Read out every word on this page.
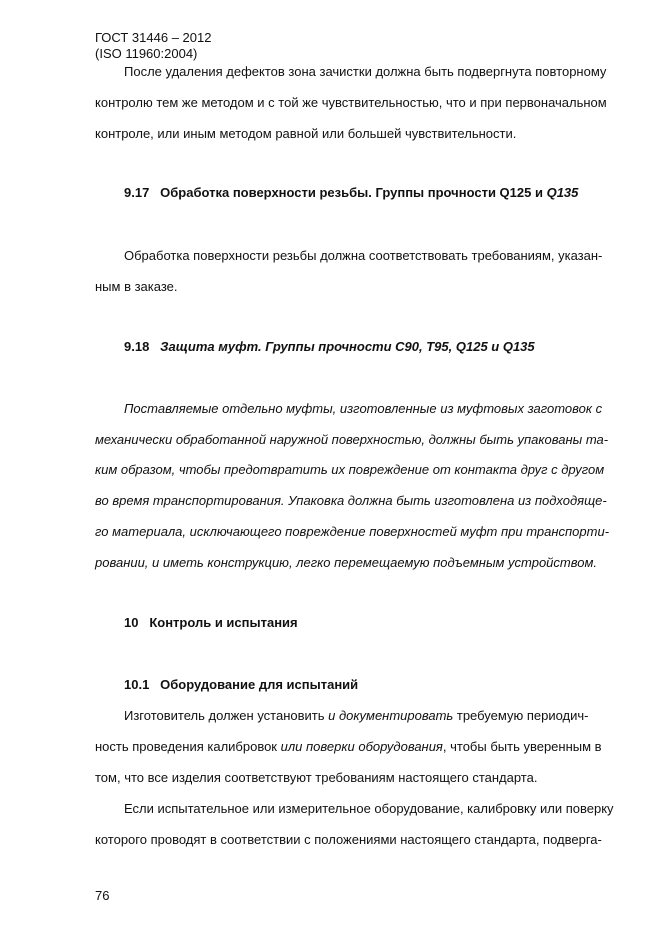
ГОСТ 31446 – 2012
(ISO 11960:2004)
После удаления дефектов зона зачистки должна быть подвергнута повторному
контролю тем же методом и с той же чувствительностью, что и при первоначальном
контроле, или иным методом равной или большей чувствительности.
9.17 Обработка поверхности резьбы. Группы прочности Q125 и Q135
Обработка поверхности резьбы должна соответствовать требованиям, указан-
ным в заказе.
9.18 Защита муфт. Группы прочности С90, Т95, Q125 и Q135
Поставляемые отдельно муфты, изготовленные из муфтовых заготовок с
механически обработанной наружной поверхностью, должны быть упакованы та-
ким образом, чтобы предотвратить их повреждение от контакта друг с другом
во время транспортирования. Упаковка должна быть изготовлена из подходяще-
го материала, исключающего повреждение поверхностей муфт при транспорти-
ровании, и иметь конструкцию, легко перемещаемую подъемным устройством.
10 Контроль и испытания
10.1 Оборудование для испытаний
Изготовитель должен установить и документировать требуемую периодич-
ность проведения калибровок или поверки оборудования, чтобы быть уверенным в
том, что все изделия соответствуют требованиям настоящего стандарта.
Если испытательное или измерительное оборудование, калибровку или поверку
которого проводят в соответствии с положениями настоящего стандарта, подверга-
76
